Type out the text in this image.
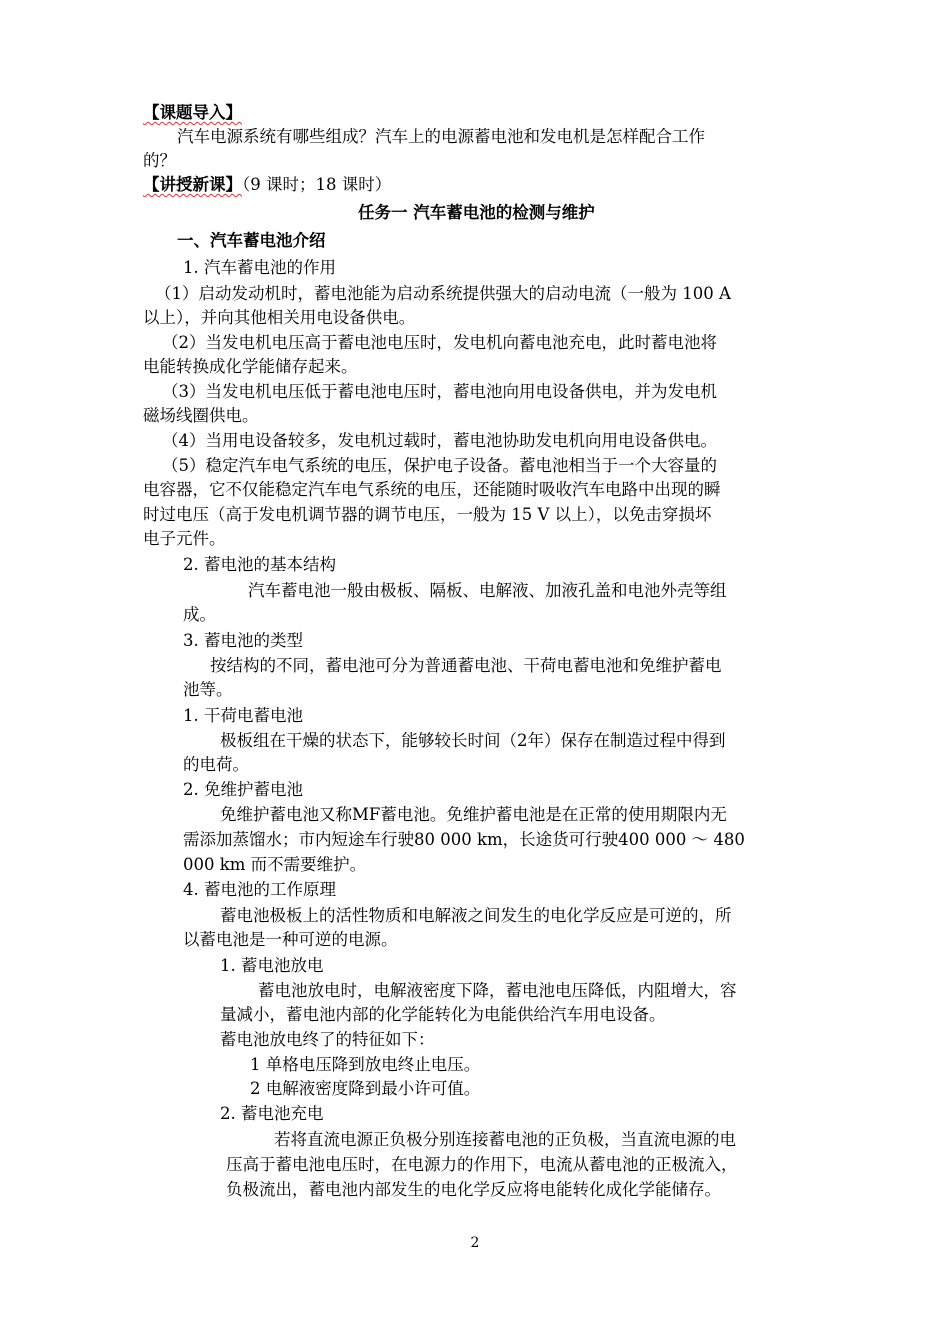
【课题导入】
汽车电源系统有哪些组成？汽车上的电源蓄电池和发电机是怎样配合工作
的？
【讲授新课】（9 课时；18 课时）
任务一 汽车蓄电池的检测与维护
一、汽车蓄电池介绍
1. 汽车蓄电池的作用
（1）启动发动机时，蓄电池能为启动系统提供强大的启动电流（一般为 100 A
以上），并向其他相关用电设备供电。
（2）当发电机电压高于蓄电池电压时，发电机向蓄电池充电，此时蓄电池将
电能转换成化学能储存起来。
（3）当发电机电压低于蓄电池电压时，蓄电池向用电设备供电，并为发电机
磁场线圈供电。
（4）当用电设备较多，发电机过载时，蓄电池协助发电机向用电设备供电。
（5）稳定汽车电气系统的电压，保护电子设备。蓄电池相当于一个大容量的
电容器，它不仅能稳定汽车电气系统的电压，还能随时吸收汽车电路中出现的瞬
时过电压（高于发电机调节器的调节电压，一般为 15 V 以上），以免击穿损坏
电子元件。
2. 蓄电池的基本结构
汽车蓄电池一般由极板、隔板、电解液、加液孔盖和电池外壳等组
成。
3. 蓄电池的类型
按结构的不同，蓄电池可分为普通蓄电池、干荷电蓄电池和免维护蓄电
池等。
1. 干荷电蓄电池
极板组在干燥的状态下，能够较长时间（2年）保存在制造过程中得到
的电荷。
2. 免维护蓄电池
免维护蓄电池又称MF蓄电池。免维护蓄电池是在正常的使用期限内无
需添加蒸馏水；市内短途车行驶80 000 km，长途货可行驶400 000 ～ 480
000 km 而不需要维护。
4. 蓄电池的工作原理
蓄电池极板上的活性物质和电解液之间发生的电化学反应是可逆的，所
以蓄电池是一种可逆的电源。
1. 蓄电池放电
蓄电池放电时，电解液密度下降，蓄电池电压降低，内阻增大，容
量减小，蓄电池内部的化学能转化为电能供给汽车用电设备。
蓄电池放电终了的特征如下：
1 单格电压降到放电终止电压。
2 电解液密度降到最小许可值。
2. 蓄电池充电
若将直流电源正负极分别连接蓄电池的正负极，当直流电源的电
压高于蓄电池电压时，在电源力的作用下，电流从蓄电池的正极流入，
负极流出，蓄电池内部发生的电化学反应将电能转化成化学能储存。
2
